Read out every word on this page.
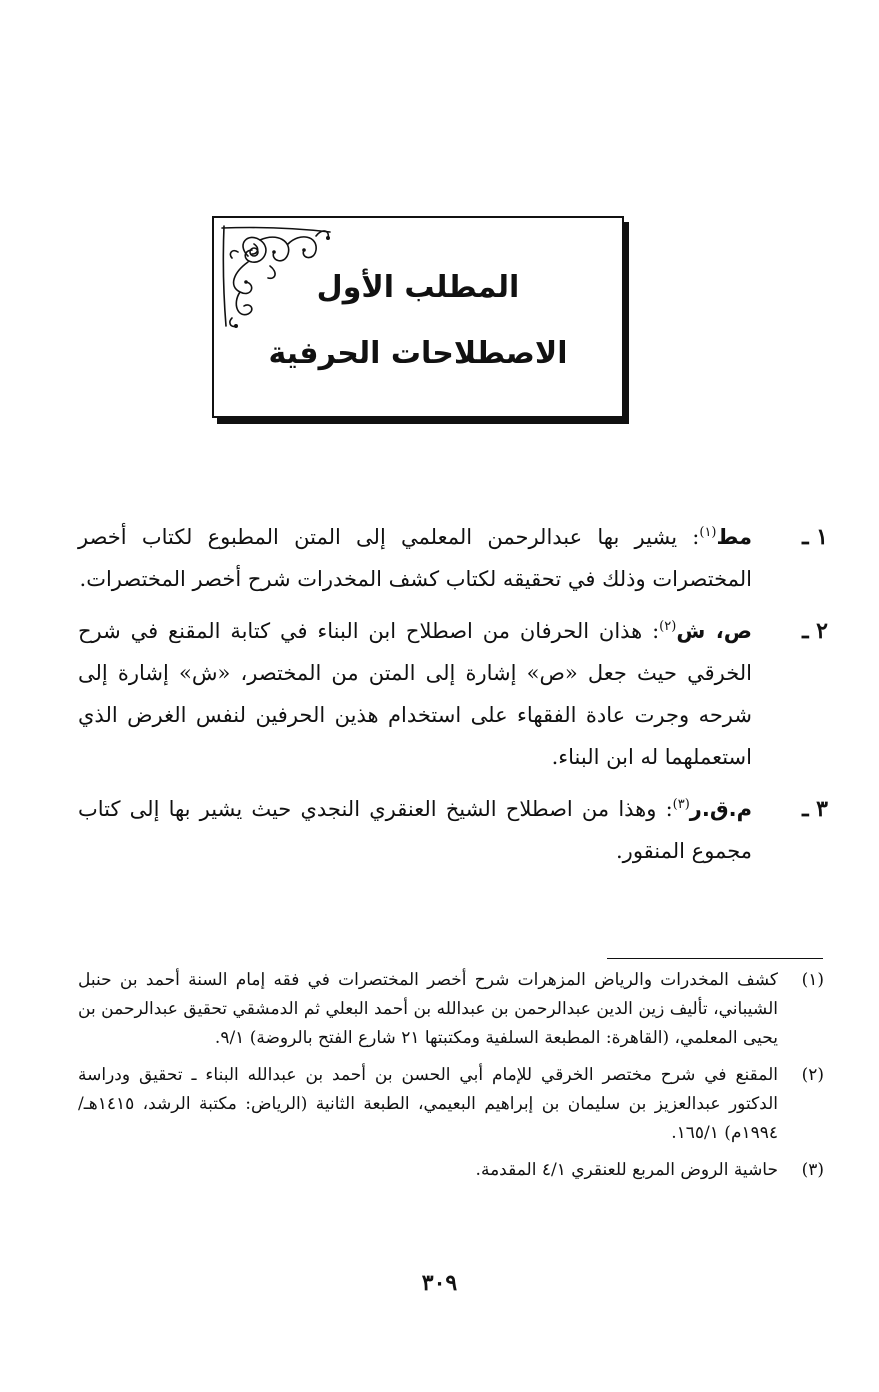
المطلب الأول
الاصطلاحات الحرفية
١ ـ
مط$^{(١)}$: يشير بها عبدالرحمن المعلمي إلى المتن المطبوع لكتاب أخصر المختصرات وذلك في تحقيقه لكتاب كشف المخدرات شرح أخصر المختصرات.
٢ ـ
ص، ش$^{(٢)}$: هذان الحرفان من اصطلاح ابن البناء في كتابة المقنع في شرح الخرقي حيث جعل «ص» إشارة إلى المتن من المختصر، «ش» إشارة إلى شرحه وجرت عادة الفقهاء على استخدام هذين الحرفين لنفس الغرض الذي استعملهما له ابن البناء.
٣ ـ
م.ق.ر$^{(٣)}$: وهذا من اصطلاح الشيخ العنقري النجدي حيث يشير بها إلى كتاب مجموع المنقور.
(١)
كشف المخدرات والرياض المزهرات شرح أخصر المختصرات في فقه إمام السنة أحمد بن حنبل الشيباني، تأليف زين الدين عبدالرحمن بن عبدالله بن أحمد البعلي ثم الدمشقي تحقيق عبدالرحمن بن يحيى المعلمي، (القاهرة: المطبعة السلفية ومكتبتها ٢١ شارع الفتح بالروضة) ٩/١.
(٢)
المقنع في شرح مختصر الخرقي للإمام أبي الحسن بن أحمد بن عبدالله البناء ـ تحقيق ودراسة الدكتور عبدالعزيز بن سليمان بن إبراهيم البعيمي، الطبعة الثانية (الرياض: مكتبة الرشد، ١٤١٥هـ/١٩٩٤م) ١٦٥/١.
(٣)
حاشية الروض المربع للعنقري ٤/١ المقدمة.
٣٠٩
